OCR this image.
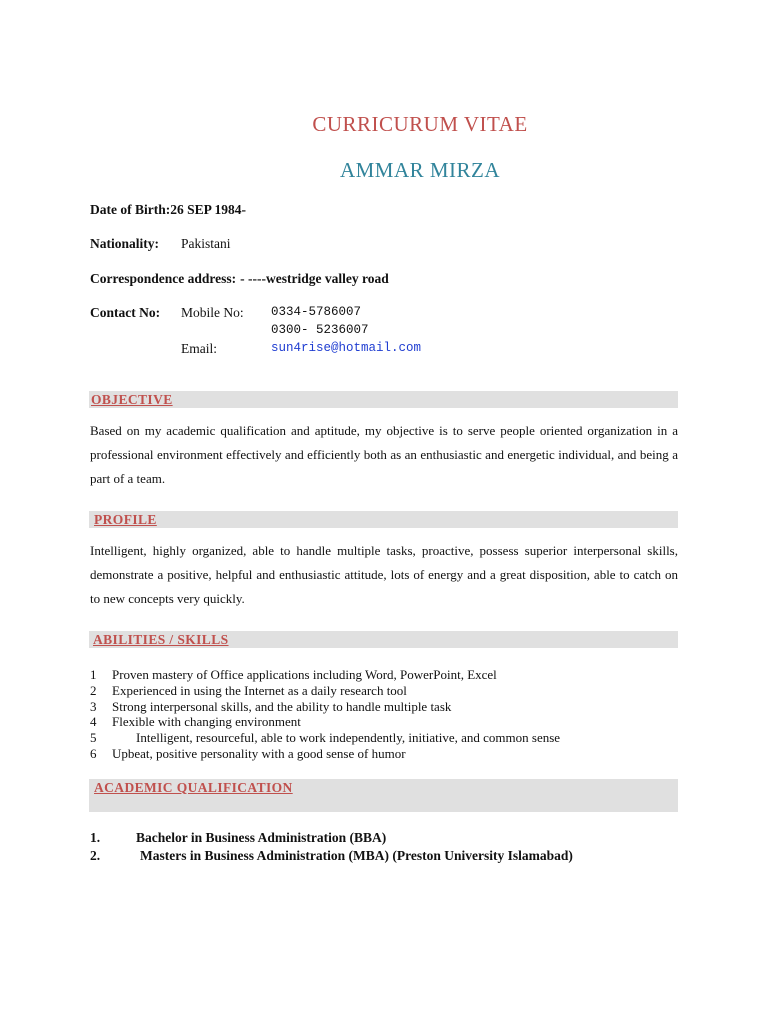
CURRICURUM VITAE
AMMAR MIRZA
Date of Birth:26 SEP 1984-
Nationality: Pakistani
Correspondence address: - ----westridge valley road
Contact No: Mobile No: 0334-5786007
0300- 5236007
Email:	sun4rise@hotmail.com
OBJECTIVE
Based on my academic qualification and aptitude, my objective is to serve people oriented organization in a professional environment effectively and efficiently both as an enthusiastic and energetic individual, and being a part of a team.
PROFILE
Intelligent, highly organized, able to handle multiple tasks, proactive, possess superior interpersonal skills, demonstrate a positive, helpful and enthusiastic attitude, lots of energy and a great disposition, able to catch on to new concepts very quickly.
ABILITIES / SKILLS
1 Proven mastery of Office applications including Word, PowerPoint, Excel
2 Experienced in using the Internet as a daily research tool
3 Strong interpersonal skills, and the ability to handle multiple task
4 Flexible with changing environment
5	Intelligent, resourceful, able to work independently, initiative, and common sense
6 Upbeat, positive personality with a good sense of humor
ACADEMIC QUALIFICATION
1.	Bachelor in Business Administration (BBA)
2.	Masters in Business Administration (MBA) (Preston University Islamabad)
